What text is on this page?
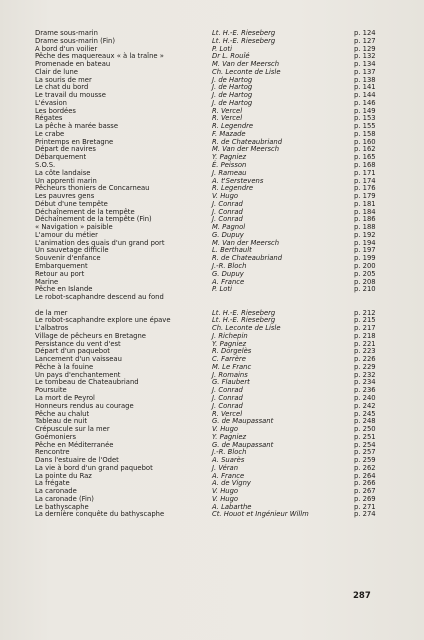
Drame sous-marin	Lt. H.-E. Rieseberg	p. 124
Drame sous-marin (Fin)	Lt. H.-E. Rieseberg	p. 127
A bord d'un voilier	P. Loti	p. 129
Pêche des maquereaux « à la traîne »	Dr L. Rouïé	p. 132
Promenade en bateau	M. Van der Meersch	p. 134
Clair de lune	Ch. Leconte de Lisle	p. 137
La souris de mer	J. de Hartog	p. 138
Le chat du bord	J. de Hartog	p. 141
Le travail du mousse	J. de Hartog	p. 144
L'évasion	J. de Hartog	p. 146
Les bordées	R. Vercel	p. 149
Régates	R. Vercel	p. 153
La pêche à marée basse	R. Legendre	p. 155
Le crabe	F. Mazade	p. 158
Printemps en Bretagne	R. de Chateaubriand	p. 160
Départ de navires	M. Van der Meersch	p. 162
Débarquement	Y. Pagniez	p. 165
S.O.S.	É. Peisson	p. 168
La côte landaise	J. Rameau	p. 171
Un apprenti marin	A. t'Serstevens	p. 174
Pêcheurs thoniers de Concarneau	R. Legendre	p. 176
Les pauvres gens	V. Hugo	p. 179
Début d'une tempête	J. Conrad	p. 181
Déchaînement de la tempête	J. Conrad	p. 184
Déchaînement de la tempête (Fin)	J. Conrad	p. 186
« Navigation » paisible	M. Pagnol	p. 188
L'amour du métier	G. Dupuy	p. 192
L'animation des quais d'un grand port	M. Van der Meersch	p. 194
Un sauvetage difficile	L. Berthault	p. 197
Souvenir d'enfance	R. de Chateaubriand	p. 199
Embarquement	J.-R. Bloch	p. 200
Retour au port	G. Dupuy	p. 205
Marine	A. France	p. 208
Pêche en Islande	P. Loti	p. 210
Le robot-scaphandre descend au fond
de la mer	Lt. H.-E. Rieseberg	p. 212
Le robot-scaphandre explore une épave	Lt. H.-E. Rieseberg	p. 215
L'albatros	Ch. Leconte de Lisle	p. 217
Village de pêcheurs en Bretagne	J. Richepin	p. 218
Persistance du vent d'est	Y. Pagniez	p. 221
Départ d'un paquebot	R. Dorgelès	p. 223
Lancement d'un vaisseau	C. Farrère	p. 226
Pêche à la fouine	M. Le Franc	p. 229
Un pays d'enchantement	J. Romains	p. 232
Le tombeau de Chateaubriand	G. Flaubert	p. 234
Poursuite	J. Conrad	p. 236
La mort de Peyrol	J. Conrad	p. 240
Honneurs rendus au courage	J. Conrad	p. 242
Pêche au chalut	R. Vercel	p. 245
Tableau de nuit	G. de Maupassant	p. 248
Crépuscule sur la mer	V. Hugo	p. 250
Goémoniers	Y. Pagniez	p. 251
Pêche en Méditerranée	G. de Maupassant	p. 254
Rencontre	J.-R. Bloch	p. 257
Dans l'estuaire de l'Odet	A. Suarès	p. 259
La vie à bord d'un grand paquebot	J. Véran	p. 262
La pointe du Raz	A. France	p. 264
La frégate	A. de Vigny	p. 266
La caronade	V. Hugo	p. 267
La caronade (Fin)	V. Hugo	p. 269
Le bathyscaphe	A. Labarthe	p. 271
La dernière conquête du bathyscaphe	Ct. Houot et Ingénieur Willm	p. 274
287
